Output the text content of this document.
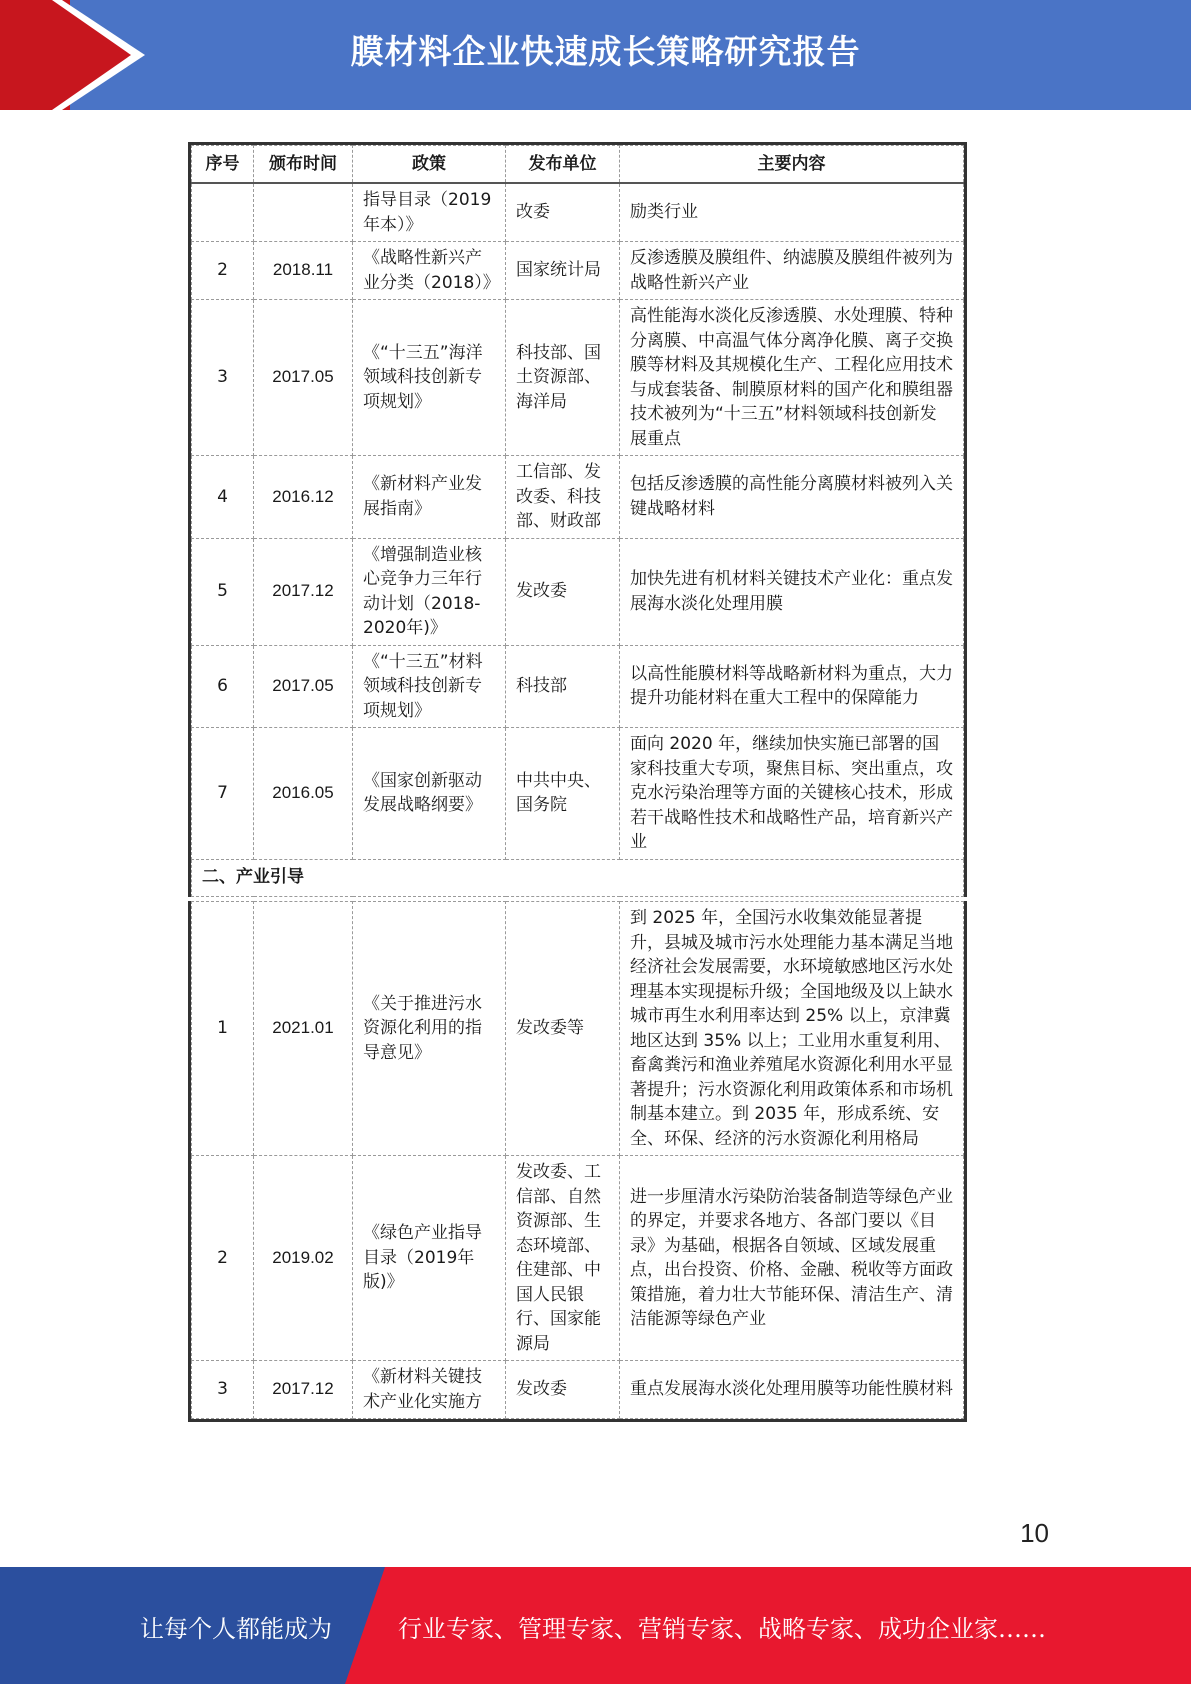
膜材料企业快速成长策略研究报告
序号	颁布时间	政策	发布单位	主要内容
		指导目录（2019年本）》	改委	励类行业
2	2018.11	《战略性新兴产业分类（2018）》	国家统计局	反渗透膜及膜组件、纳滤膜及膜组件被列为战略性新兴产业
3	2017.05	《“十三五”海洋领域科技创新专项规划》	科技部、国土资源部、海洋局	高性能海水淡化反渗透膜、水处理膜、特种分离膜、中高温气体分离净化膜、离子交换膜等材料及其规模化生产、工程化应用技术与成套装备、制膜原材料的国产化和膜组器技术被列为“十三五”材料领域科技创新发展重点
4	2016.12	《新材料产业发展指南》	工信部、发改委、科技部、财政部	包括反渗透膜的高性能分离膜材料被列入关键战略材料
5	2017.12	《增强制造业核心竞争力三年行动计划（2018-2020年)》	发改委	加快先进有机材料关键技术产业化：重点发展海水淡化处理用膜
6	2017.05	《“十三五”材料领域科技创新专项规划》	科技部	以高性能膜材料等战略新材料为重点，大力提升功能材料在重大工程中的保障能力
7	2016.05	《国家创新驱动发展战略纲要》	中共中央、国务院	面向 2020 年，继续加快实施已部署的国家科技重大专项，聚焦目标、突出重点，攻克水污染治理等方面的关键核心技术，形成若干战略性技术和战略性产品，培育新兴产业
二、产业引导				
1	2021.01	《关于推进污水资源化利用的指导意见》	发改委等	到 2025 年，全国污水收集效能显著提升，县城及城市污水处理能力基本满足当地经济社会发展需要，水环境敏感地区污水处理基本实现提标升级；全国地级及以上缺水城市再生水利用率达到 25% 以上，京津冀地区达到 35% 以上；工业用水重复利用、畜禽粪污和渔业养殖尾水资源化利用水平显著提升；污水资源化利用政策体系和市场机制基本建立。到 2035 年，形成系统、安全、环保、经济的污水资源化利用格局
2	2019.02	《绿色产业指导目录（2019年版)》	发改委、工信部、自然资源部、生态环境部、住建部、中国人民银行、国家能源局	进一步厘清水污染防治装备制造等绿色产业的界定，并要求各地方、各部门要以《目录》为基础，根据各自领域、区域发展重点，出台投资、价格、金融、税收等方面政策措施，着力壮大节能环保、清洁生产、清洁能源等绿色产业
3	2017.12	《新材料关键技术产业化实施方	发改委	重点发展海水淡化处理用膜等功能性膜材料
10
让每个人都能成为	行业专家、管理专家、营销专家、战略专家、成功企业家……
